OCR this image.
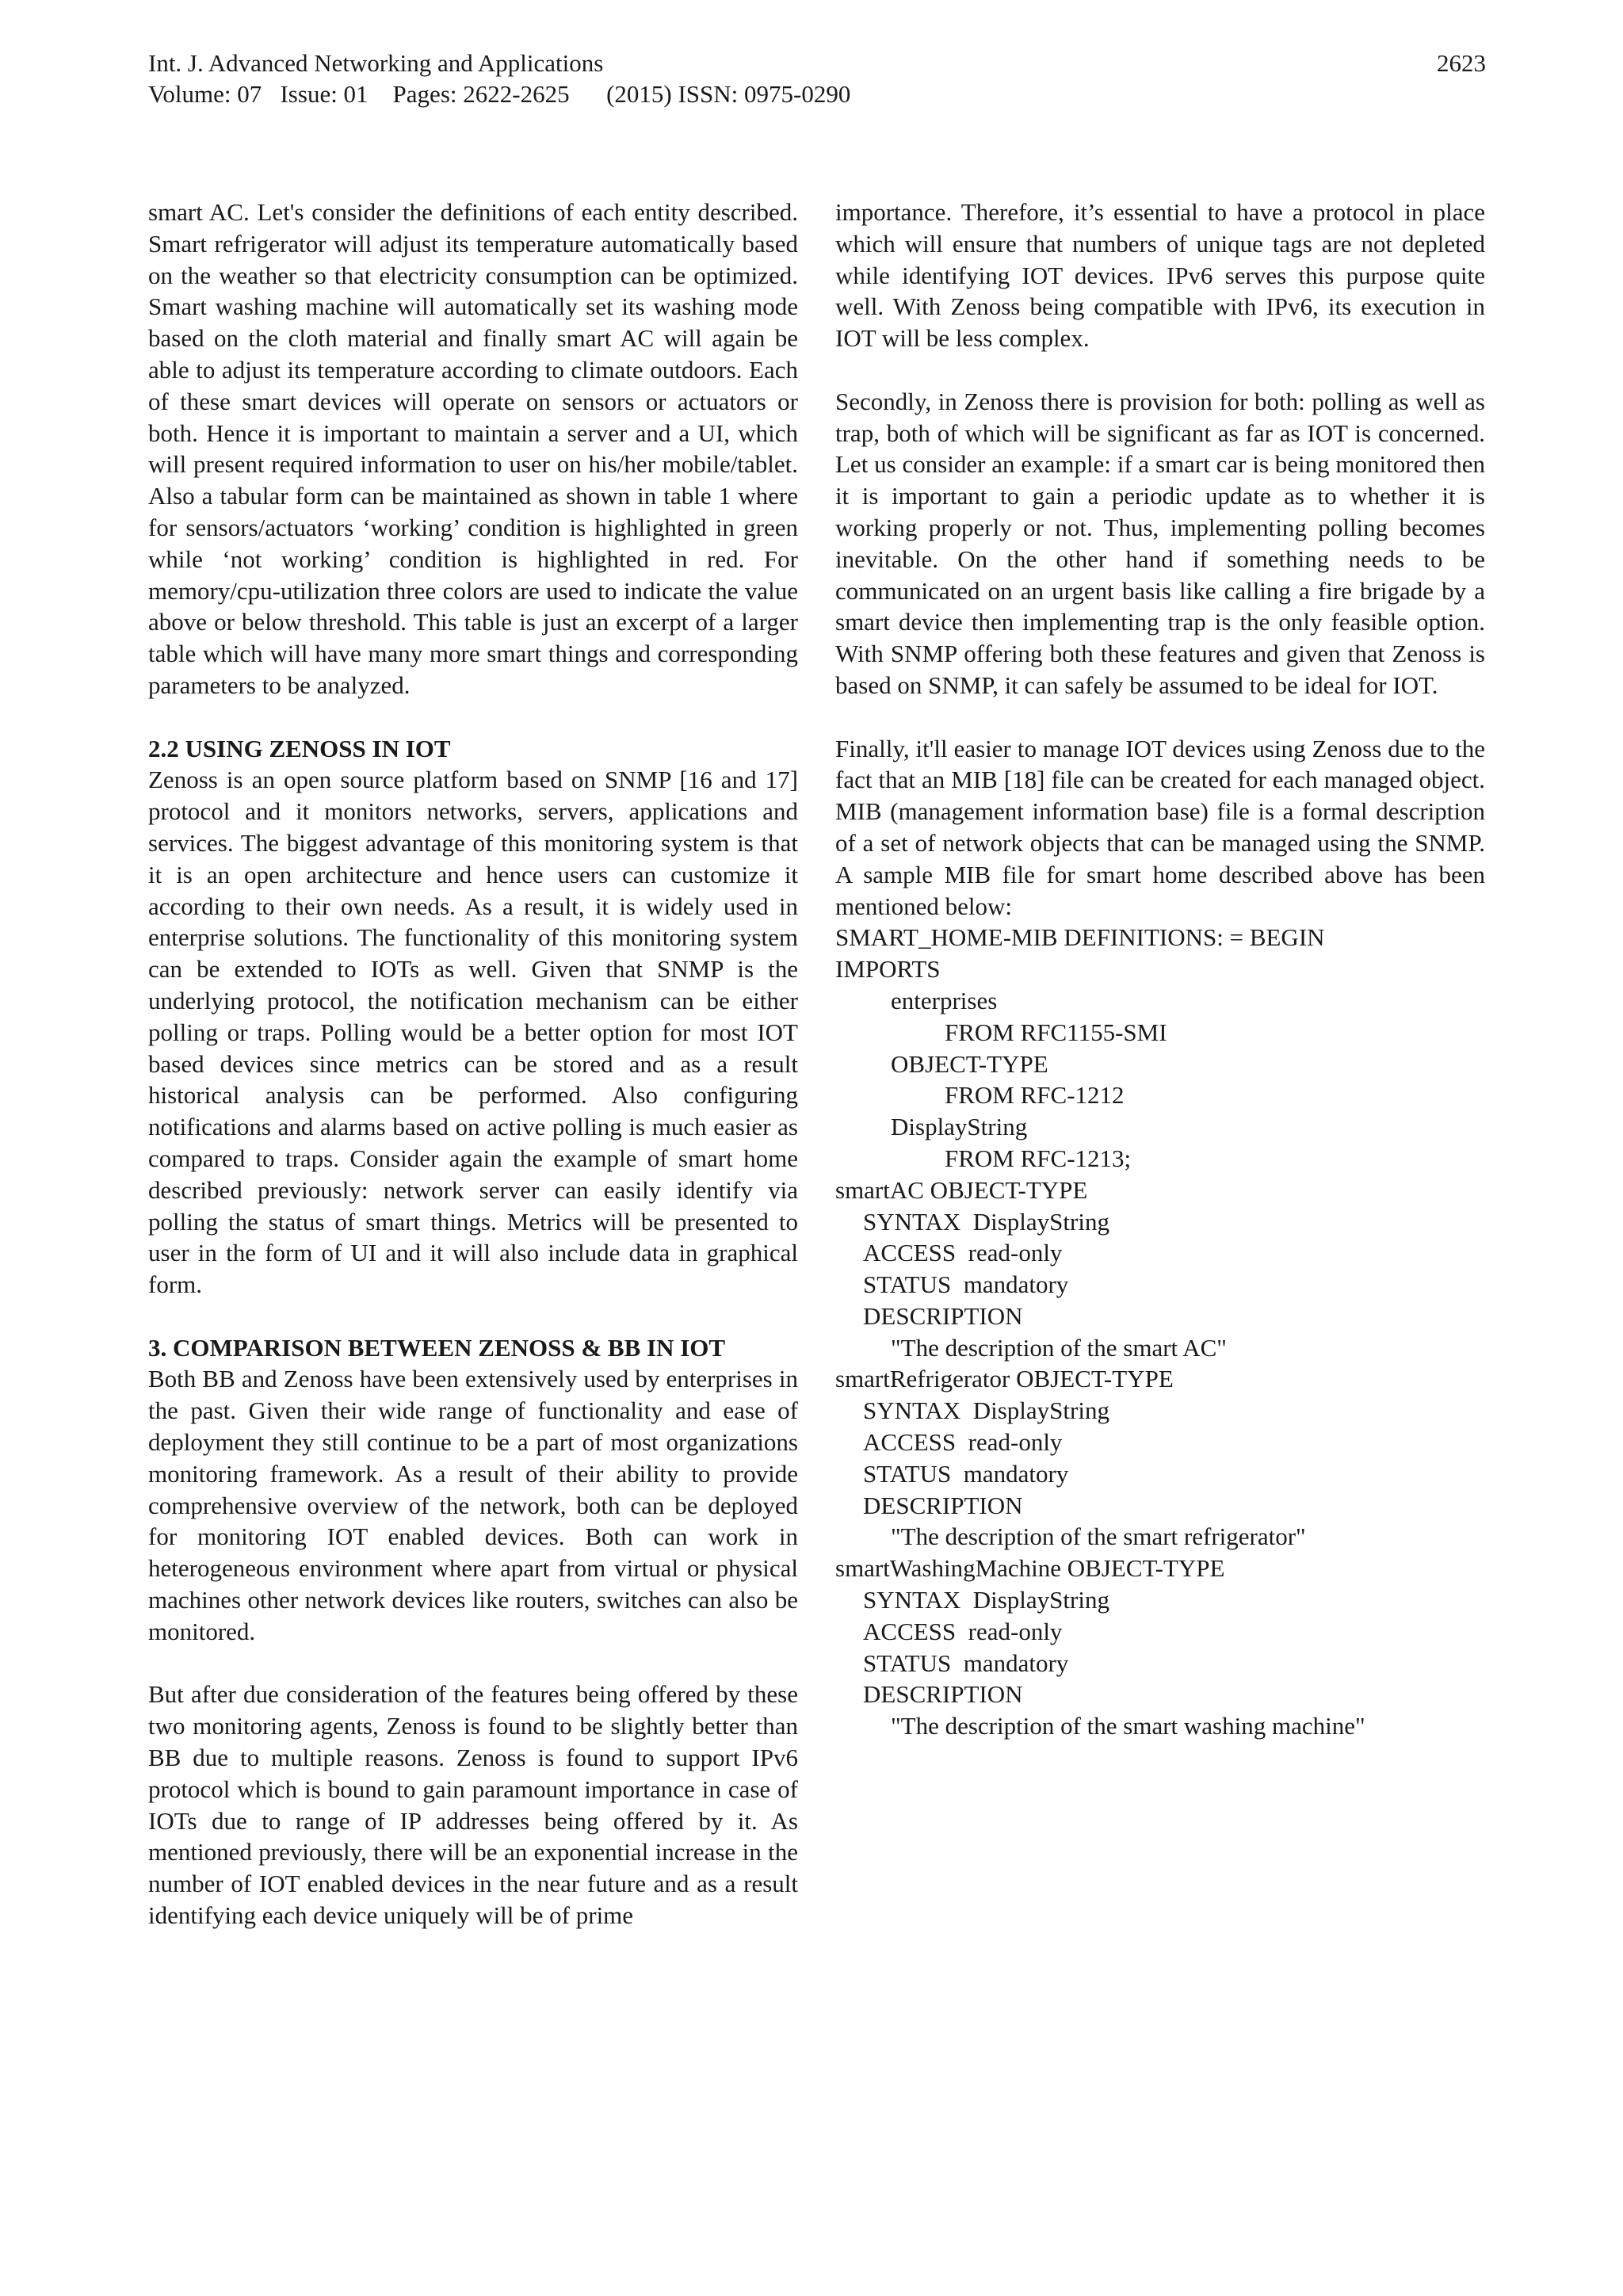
Int. J. Advanced Networking and Applications	2623
Volume: 07   Issue: 01    Pages: 2622-2625      (2015) ISSN: 0975-0290

smart AC. Let's consider the definitions of each entity described. Smart refrigerator will adjust its temperature automatically based on the weather so that electricity consumption can be optimized. Smart washing machine will automatically set its washing mode based on the cloth material and finally smart AC will again be able to adjust its temperature according to climate outdoors. Each of these smart devices will operate on sensors or actuators or both. Hence it is important to maintain a server and a UI, which will present required information to user on his/her mobile/tablet. Also a tabular form can be maintained as shown in table 1 where for sensors/actuators ‘working’ condition is highlighted in green while ‘not working’ condition is highlighted in red. For memory/cpu-utilization three colors are used to indicate the value above or below threshold. This table is just an excerpt of a larger table which will have many more smart things and corresponding parameters to be analyzed.

2.2 USING ZENOSS IN IOT

Zenoss is an open source platform based on SNMP [16 and 17] protocol and it monitors networks, servers, applications and services. The biggest advantage of this monitoring system is that it is an open architecture and hence users can customize it according to their own needs. As a result, it is widely used in enterprise solutions. The functionality of this monitoring system can be extended to IOTs as well. Given that SNMP is the underlying protocol, the notification mechanism can be either polling or traps. Polling would be a better option for most IOT based devices since metrics can be stored and as a result historical analysis can be performed. Also configuring notifications and alarms based on active polling is much easier as compared to traps. Consider again the example of smart home described previously: network server can easily identify via polling the status of smart things. Metrics will be presented to user in the form of UI and it will also include data in graphical form.

3. COMPARISON BETWEEN ZENOSS & BB IN IOT

Both BB and Zenoss have been extensively used by enterprises in the past. Given their wide range of functionality and ease of deployment they still continue to be a part of most organizations monitoring framework. As a result of their ability to provide comprehensive overview of the network, both can be deployed for monitoring IOT enabled devices. Both can work in heterogeneous environment where apart from virtual or physical machines other network devices like routers, switches can also be monitored.

But after due consideration of the features being offered by these two monitoring agents, Zenoss is found to be slightly better than BB due to multiple reasons. Zenoss is found to support IPv6 protocol which is bound to gain paramount importance in case of IOTs due to range of IP addresses being offered by it. As mentioned previously, there will be an exponential increase in the number of IOT enabled devices in the near future and as a result identifying each device uniquely will be of prime

importance. Therefore, it’s essential to have a protocol in place which will ensure that numbers of unique tags are not depleted while identifying IOT devices. IPv6 serves this purpose quite well. With Zenoss being compatible with IPv6, its execution in IOT will be less complex.

Secondly, in Zenoss there is provision for both: polling as well as trap, both of which will be significant as far as IOT is concerned. Let us consider an example: if a smart car is being monitored then it is important to gain a periodic update as to whether it is working properly or not. Thus, implementing polling becomes inevitable. On the other hand if something needs to be communicated on an urgent basis like calling a fire brigade by a smart device then implementing trap is the only feasible option. With SNMP offering both these features and given that Zenoss is based on SNMP, it can safely be assumed to be ideal for IOT.

Finally, it'll easier to manage IOT devices using Zenoss due to the fact that an MIB [18] file can be created for each managed object. MIB (management information base) file is a formal description of a set of network objects that can be managed using the SNMP. A sample MIB file for smart home described above has been mentioned below:

SMART_HOME-MIB DEFINITIONS: = BEGIN
IMPORTS
enterprises
FROM RFC1155-SMI
OBJECT-TYPE
FROM RFC-1212
DisplayString
FROM RFC-1213;
smartAC OBJECT-TYPE
SYNTAX  DisplayString
ACCESS  read-only
STATUS  mandatory
DESCRIPTION
"The description of the smart AC"
smartRefrigerator OBJECT-TYPE
SYNTAX  DisplayString
ACCESS  read-only
STATUS  mandatory
DESCRIPTION
"The description of the smart refrigerator"
smartWashingMachine OBJECT-TYPE
SYNTAX  DisplayString
ACCESS  read-only
STATUS  mandatory
DESCRIPTION
"The description of the smart washing machine"
